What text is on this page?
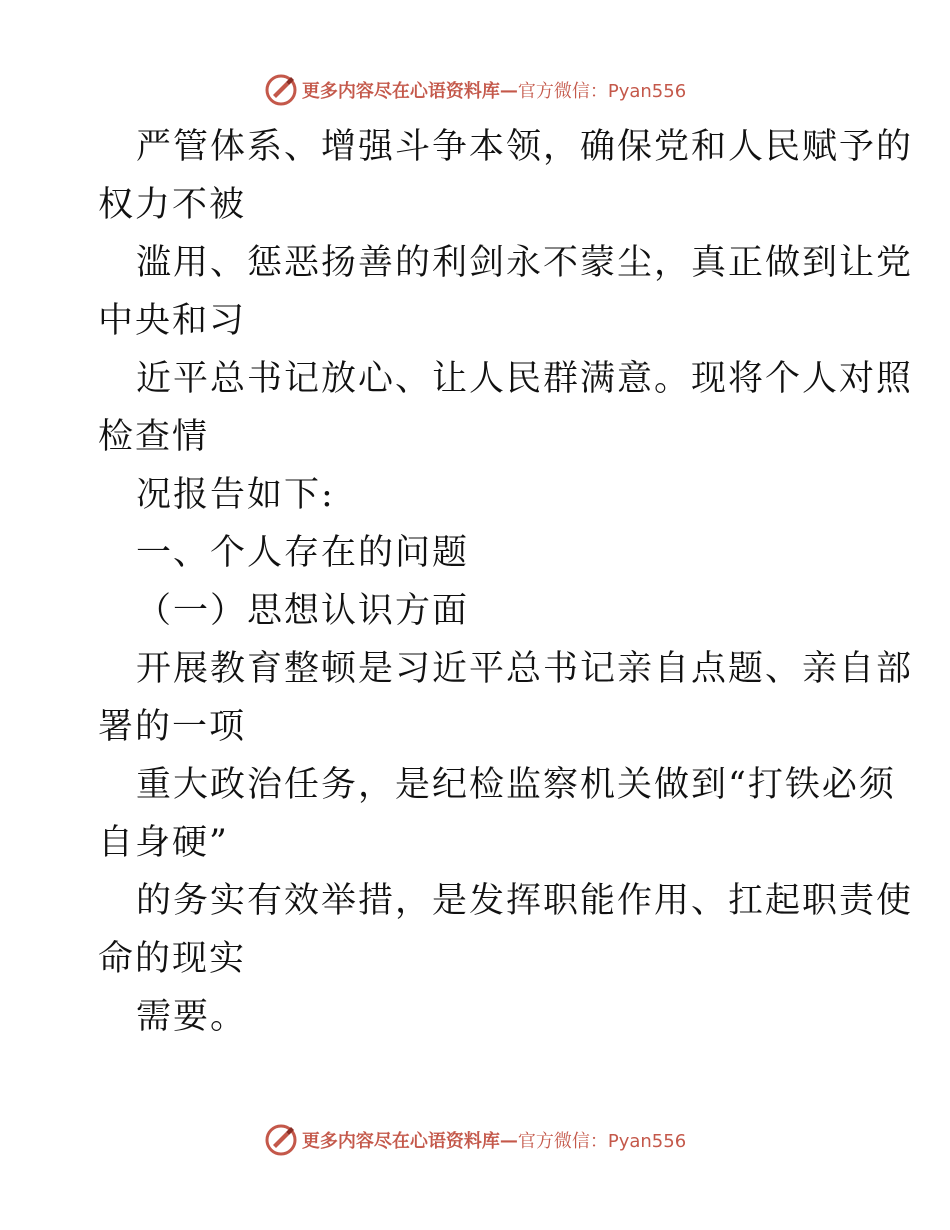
更多内容尽在心语资料库 — 官方微信：Pyan556
严管体系、增强斗争本领，确保党和人民赋予的
权力不被
滥用、惩恶扬善的利剑永不蒙尘，真正做到让党
中央和习
近平总书记放心、让人民群满意。现将个人对照
检查情
况报告如下:
一、个人存在的问题
（一）思想认识方面
开展教育整顿是习近平总书记亲自点题、亲自部
署的一项
重大政治任务，是纪检监察机关做到“打铁必须
自身硬”
的务实有效举措，是发挥职能作用、扛起职责使
命的现实
需要。
更多内容尽在心语资料库 — 官方微信：Pyan556
